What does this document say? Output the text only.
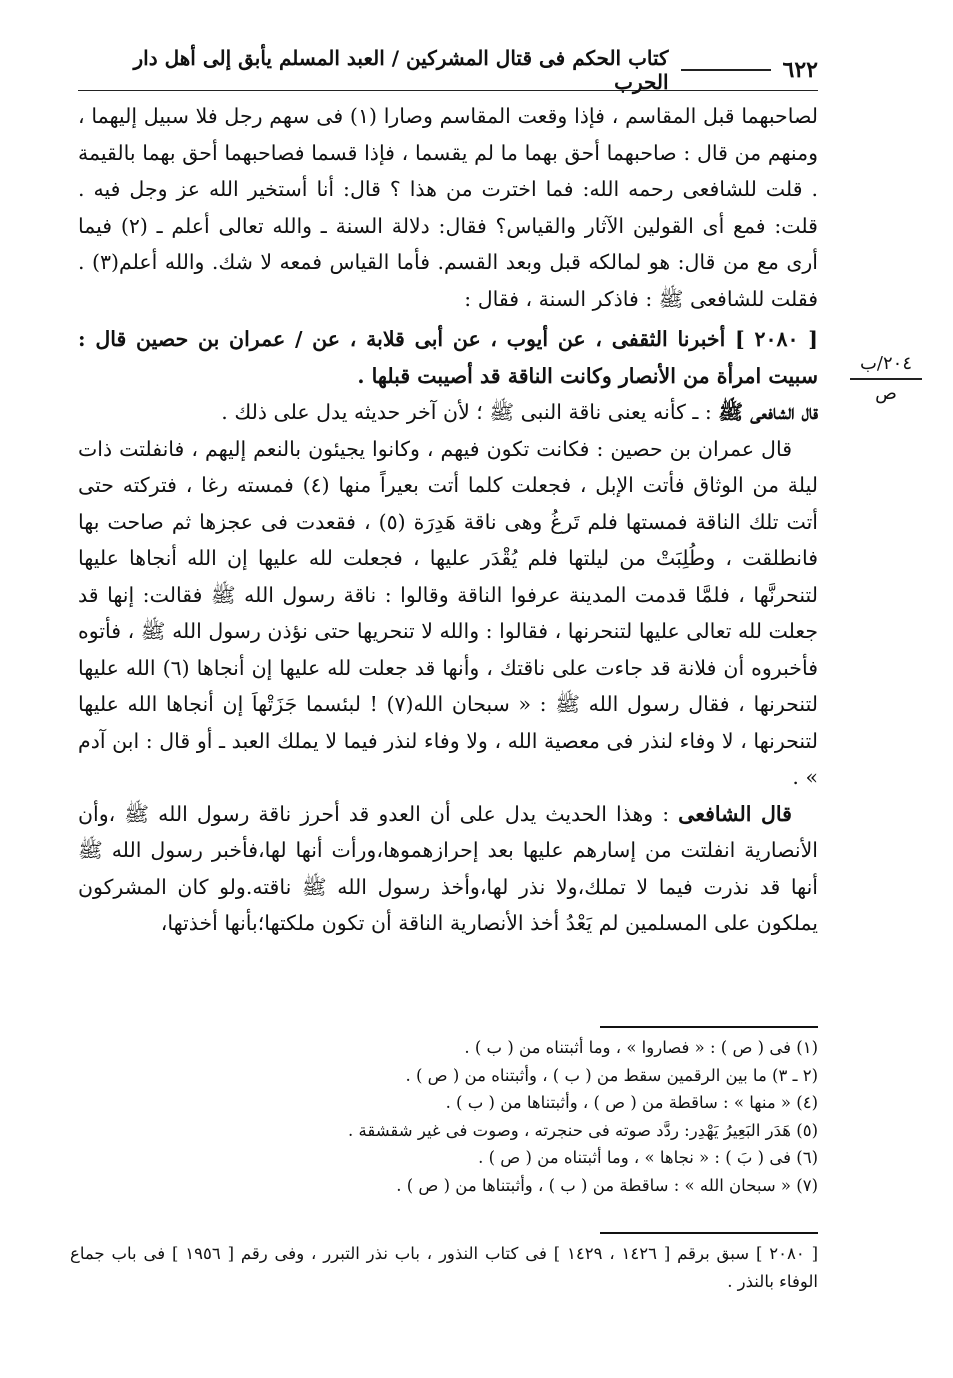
٦٢٢
كتاب الحكم فى قتال المشركين / العبد المسلم يأبق إلى أهل دار الحرب
٢٠٤/ب
ص

لصاحبهما قبل المقاسم ، فإذا وقعت المقاسم وصارا (١) فى سهم رجل فلا سبيل إليهما ، ومنهم من قال : صاحبهما أحق بهما ما لم يقسما ، فإذا قسما فصاحبهما أحق بهما بالقيمة . قلت للشافعى رحمه الله: فما اخترت من هذا ؟ قال: أنا أستخير الله عز وجل فيه . قلت: فمع أى القولين الآثار والقياس؟ فقال: دلالة السنة ـ والله تعالى أعلم ـ (٢) فيما أرى مع من قال: هو لمالكه قبل وبعد القسم. فأما القياس فمعه لا شك. والله أعلم(٣) . فقلت للشافعى ﷺ : فاذكر السنة ، فقال :

[ ٢٠٨٠ ] أخبرنا الثقفى ، عن أيوب ، عن أبى قلابة ، عن / عمران بن حصين قال : سبيت امرأة من الأنصار وكانت الناقة قد أصيبت قبلها .

قال الشافعى ﷺ : ـ كأنه يعنى ناقة النبى ﷺ ؛ لأن آخر حديثه يدل على ذلك .

قال عمران بن حصين : فكانت تكون فيهم ، وكانوا يجيئون بالنعم إليهم ، فانفلتت ذات ليلة من الوثاق فأتت الإبل ، فجعلت كلما أتت بعيراً منها (٤) فمسته رغا ، فتركته حتى أتت تلك الناقة فمستها فلم تَرغُ وهى ناقة هَدِرَة (٥) ، فقعدت فى عجزها ثم صاحت بها فانطلقت ، وطُلِبَتْ من ليلتها فلم يُقْدَر عليها ، فجعلت لله عليها إن الله أنجاها عليها لتنحرنَّها ، فلمَّا قدمت المدينة عرفوا الناقة وقالوا : ناقة رسول الله ﷺ فقالت: إنها قد جعلت لله تعالى عليها لتنحرنها ، فقالوا : والله لا تنحريها حتى نؤذن رسول الله ﷺ ، فأتوه فأخبروه أن فلانة قد جاءت على ناقتك ، وأنها قد جعلت لله عليها إن أنجاها (٦) الله عليها لتنحرنها ، فقال رسول الله ﷺ : « سبحان الله(٧) ! لبئسما جَزَتْهاَ إن أنجاها الله عليها لتنحرنها ، لا وفاء لنذر فى معصية الله ، ولا وفاء لنذر فيما لا يملك العبد ـ أو قال : ابن آدم » .

قال الشافعى : وهذا الحديث يدل على أن العدو قد أحرز ناقة رسول الله ﷺ ،وأن الأنصارية انفلتت من إسارهم عليها بعد إحرازهموها،ورأت أنها لها،فأخبر رسول الله ﷺ أنها قد نذرت فيما لا تملك،ولا نذر لها،وأخذ رسول الله ﷺ ناقته.ولو كان المشركون يملكون على المسلمين لم يَعْدُ أخذ الأنصارية الناقة أن تكون ملكتها؛بأنها أخذتها،

(١) فى ( ص ) : « فصاروا » ، وما أثبتناه من ( ب ) .
(٢ ـ ٣) ما بين الرقمين سقط من ( ب ) ، وأثبتناه من ( ص ) .
(٤) « منها » : ساقطة من ( ص ) ، وأثبتناها من ( ب ) .
(٥) هَدَر البَعِيرُ يَهْدِر: ردَّد صوته فى حنجرته ، وصوت فى غير شقشقة .
(٦) فى ( بَ ) : « نجاها » ، وما أثبتناه من ( ص ) .
(٧) « سبحان الله » : ساقطة من ( ب ) ، وأثبتناها من ( ص ) .
[ ٢٠٨٠ ] سبق برقم [ ١٤٢٦ ، ١٤٢٩ ] فى كتاب النذور ، باب نذر التبرر ، وفى رقم [ ١٩٥٦ ] فى باب جماع الوفاء بالنذر .
